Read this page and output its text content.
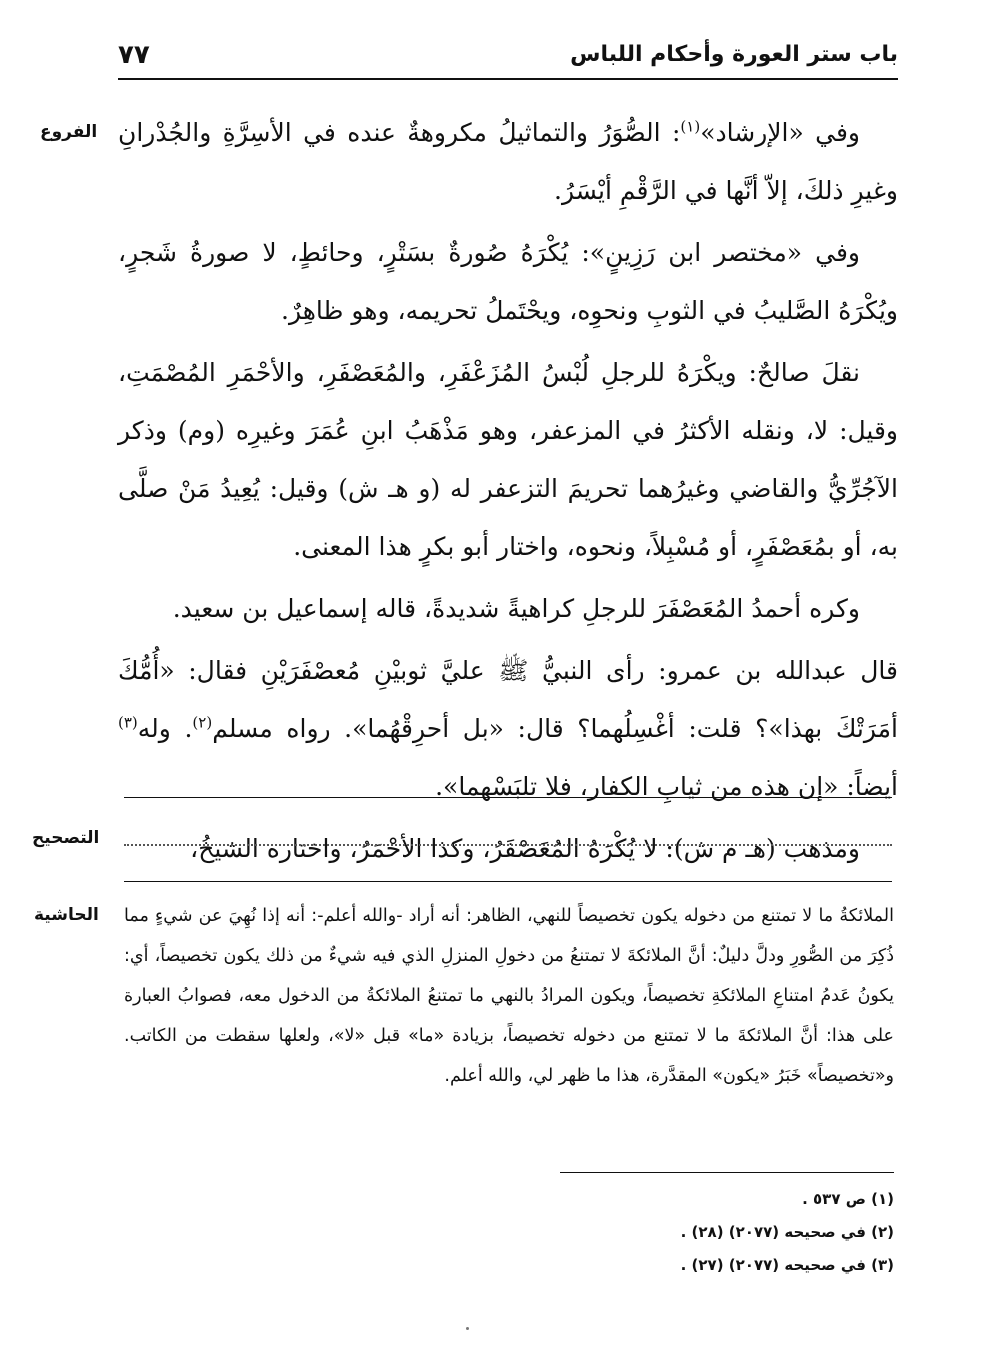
باب ستر العورة وأحكام اللباس
٧٧
الفروع	وفي «الإرشاد»$^{(١)}$: الصُّوَرُ والتماثيلُ مكروهةٌ عنده في الأسِرَّةِ والجُدْرانِ وغيرِ ذلكَ، إلاّ أنَّها في الرَّقْمِ أيْسَرُ.

وفي «مختصر ابن رَزِينٍ»: يُكْرَهُ صُورةٌ بسَتْرٍ، وحائطٍ، لا صورةُ شَجرٍ، ويُكْرَهُ الصَّليبُ في الثوبِ ونحوِه، ويحْتَملُ تحريمه، وهو ظاهِرٌ.

نقلَ صالحٌ: ويكْرَهُ للرجلِ لُبْسُ المُزَعْفَرِ، والمُعَصْفَرِ، والأحْمَرِ المُصْمَتِ، وقيل: لا، ونقله الأكثرُ في المزعفر، وهو مَذْهَبُ ابنِ عُمَرَ وغيرِه (وم) وذكر الآجُرِّيُّ والقاضي وغيرُهما تحريمَ التزعفر له (و هـ ش) وقيل: يُعِيدُ مَنْ صلَّى به، أو بمُعَصْفَرٍ، أو مُسْبِلاً، ونحوه، واختار أبو بكرٍ هذا المعنى.

وكره أحمدُ المُعَصْفَرَ للرجلِ كراهيةً شديدةً، قاله إسماعيل بن سعيد.

قال عبدالله بن عمرو: رأى النبيُّ ﷺ عليَّ ثوبيْنِ مُعصْفَرَيْنِ فقال: «أُمُّكَ أمَرَتْكَ بهذا»؟ قلت: أغْسِلُهما؟ قال: «بل أحرِقْهُما». رواه مسلم$^{(٢)}$. وله$^{(٣)}$ أيضاً: «إن هذه من ثيابِ الكفار، فلا تلبَسْهما».

ومذهب (هـ م ش): لا يُكْرَهُ المُعَصْفَرُ، وكذا الأحْمَرُ، واختاره الشيخُ،

التصحيح
الحاشية الملائكةُ ما لا تمتنع من دخوله يكون تخصيصاً للنهي، الظاهر: أنه أراد -والله أعلم-: أنه إذا نُهِيَ عن شيءٍ مما ذُكِرَ من الصُّورِ ودلَّ دليلٌ: أنَّ الملائكةَ لا تمتنعُ من دخولِ المنزلِ الذي فيه شيءٌ من ذلك يكون تخصيصاً، أي: يكونُ عَدمُ امتناعِ الملائكةِ تخصيصاً، ويكون المرادُ بالنهي ما تمتنعُ الملائكةُ من الدخول معه، فصوابُ العبارة على هذا: أنَّ الملائكةَ ما لا تمتنع من دخوله تخصيصاً، بزيادة «ما» قبل «لا»، ولعلها سقطت من الكاتب. و«تخصيصاً» خَبَرُ «يكون» المقدَّرة، هذا ما ظهر لي، والله أعلم.

(١) ص ٥٣٧ .
(٢) في صحيحه (٢٠٧٧) (٢٨) .
(٣) في صحيحه (٢٠٧٧) (٢٧) .
